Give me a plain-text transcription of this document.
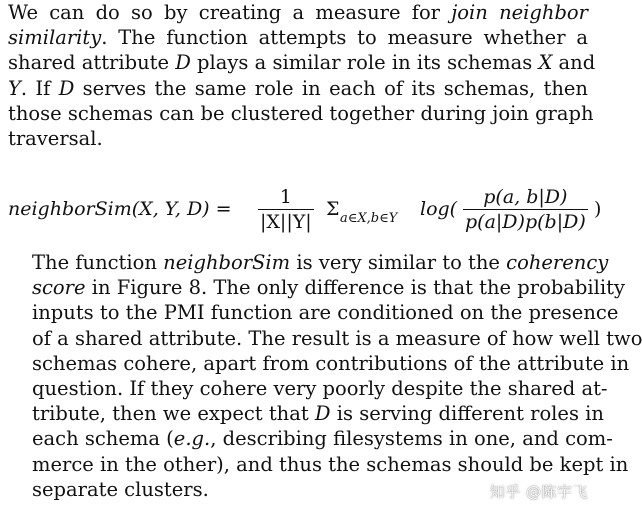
We can do so by creating a measure for join neighbor
similarity. The function attempts to measure whether a
shared attribute D plays a similar role in its schemas X and
Y. If D serves the same role in each of its schemas, then
those schemas can be clustered together during join graph
traversal.
neighborSim(X, Y, D) =
1
|X||Y|
Σ $_{a\in X,b\in Y}$ log(
p(a, b|D)
p(a|D)p(b|D)
)
The function neighborSim is very similar to the coherency
score in Figure 8. The only difference is that the probability
inputs to the PMI function are conditioned on the presence
of a shared attribute. The result is a measure of how well two
schemas cohere, apart from contributions of the attribute in
question. If they cohere very poorly despite the shared at-
tribute, then we expect that D is serving different roles in
each schema (e.g., describing filesystems in one, and com-
merce in the other), and thus the schemas should be kept in
separate clusters.	知乎 @陈宇飞
